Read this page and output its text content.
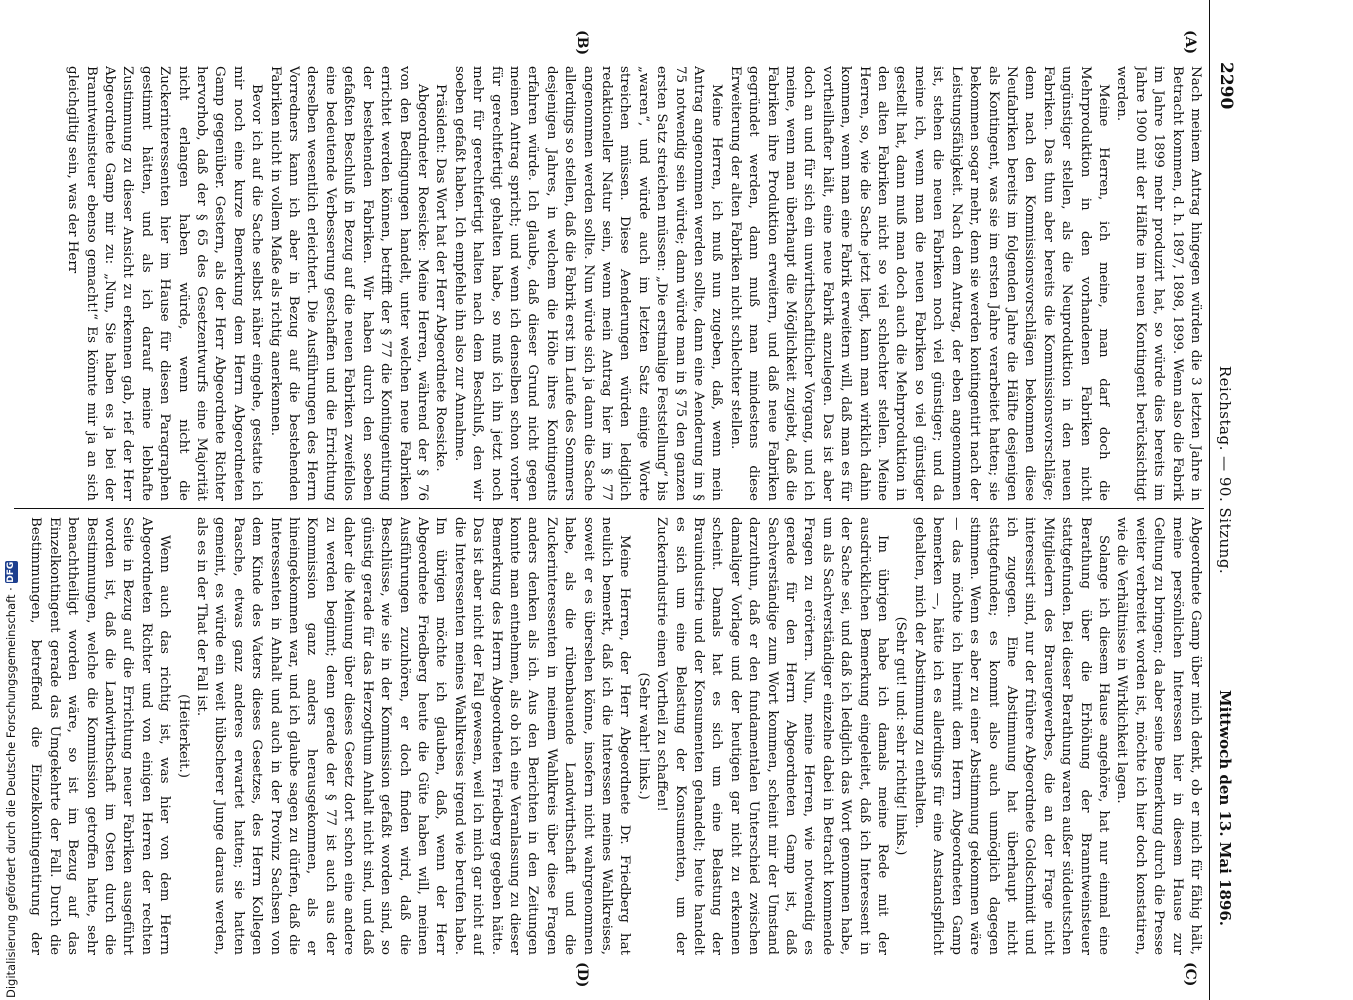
2290
Reichstag. — 90. Sitzung.
Mittwoch den 13. Mai 1896.
(A)
(B)
(C)
(D)

Nach meinem Antrag hingegen würden die 3 letzten Jahre in Betracht kommen, d. h. 1897, 1898, 1899. Wenn also die Fabrik im Jahre 1899 mehr produzirt hat, so würde dies bereits im Jahre 1900 mit der Hälfte im neuen Kontingent berücksichtigt werden.

Meine Herren, ich meine, man darf doch die Mehrproduktion in den vorhandenen Fabriken nicht ungünstiger stellen, als die Neuproduktion in den neuen Fabriken. Das thun aber bereits die Kommissionsvorschläge; denn nach den Kommissionsvorschlägen bekommen diese Neufabriken bereits im folgenden Jahre die Hälfte desjenigen als Kontingent, was sie im ersten Jahre verarbeitet hatten; sie bekommen sogar mehr, denn sie werden kontingentirt nach der Leistungsfähigkeit. Nach dem Antrag, der eben angenommen ist, stehen die neuen Fabriken noch viel günstiger; und da meine ich, wenn man die neuen Fabriken so viel günstiger gestellt hat, dann muß man doch auch die Mehrproduktion in den alten Fabriken nicht so viel schlechter stellen. Meine Herren, so, wie die Sache jetzt liegt, kann man wirklich dahin kommen, wenn man eine Fabrik erweitern will, daß man es für vortheilhafter hält, eine neue Fabrik anzulegen. Das ist aber doch an und für sich ein unwirthschaftlicher Vorgang, und ich meine, wenn man überhaupt die Möglichkeit zugiebt, daß die Fabriken ihre Produktion erweitern, und daß neue Fabriken gegründet werden, dann muß man mindestens diese Erweiterung der alten Fabriken nicht schlechter stellen.

Meine Herren, ich muß nun zugeben, daß, wenn mein Antrag angenommen werden sollte, dann eine Aenderung im § 75 notwendig sein würde; dann würde man in § 75 den ganzen ersten Satz streichen müssen: „Die erstmalige Feststellung“ bis „waren“, und würde auch im letzten Satz einige Worte streichen müssen. Diese Aenderungen würden lediglich redaktioneller Natur sein, wenn mein Antrag hier im § 77 angenommen werden sollte. Nun würde sich ja dann die Sache allerdings so stellen, daß die Fabrik erst im Laufe des Sommers desjenigen Jahres, in welchem die Höhe ihres Kontingents erfahren würde. Ich glaube, daß dieser Grund nicht gegen meinen Antrag spricht; und wenn ich denselben schon vorher für gerechtfertigt gehalten habe, so muß ich ihn jetzt noch mehr für gerechtfertigt halten nach dem Beschluß, den wir soeben gefaßt haben. Ich empfehle ihn also zur Annahme.

Präsident: Das Wort hat der Herr Abgeordnete Roesicke.

Abgeordneter Roesicke: Meine Herren, während der § 76 von den Bedingungen handelt, unter welchen neue Fabriken errichtet werden können, betrifft der § 77 die Kontingentirung der bestehenden Fabriken. Wir haben durch den soeben gefaßten Beschluß in Bezug auf die neuen Fabriken zweifellos eine bedeutende Verbesserung geschaffen und die Errichtung derselben wesentlich erleichtert. Die Ausführungen des Herrn Vorredners kann ich aber in Bezug auf die bestehenden Fabriken nicht in vollem Maße als richtig anerkennen.

Bevor ich auf die Sache selbst näher eingehe, gestatte ich mir noch eine kurze Bemerkung dem Herrn Abgeordneten Gamp gegenüber. Gestern, als der Herr Abgeordnete Richter hervorhob, daß der § 65 des Gesetzentwurfs eine Majorität nicht erlangen haben würde, wenn nicht die Zuckerinteressenten hier im Hause für diesen Paragraphen gestimmt hätten, und als ich darauf meine lebhafte Zustimmung zu dieser Ansicht zu erkennen gab, rief der Herr Abgeordnete Gamp mir zu: „Nun, Sie haben es ja bei der Branntweinsteuer ebenso gemacht!“ Es könnte mir ja an sich gleichgiltig sein, was der Herr

Abgeordnete Gamp über mich denkt, ob er mich für fähig hält, meine persönlichen Interessen hier in diesem Hause zur Geltung zu bringen; da aber seine Bemerkung durch die Presse weiter verbreitet worden ist, möchte ich hier doch konstatiren, wie die Verhältnisse in Wirklichkeit lagen.

Solange ich diesem Hause angehöre, hat nur einmal eine Berathung über die Erhöhung der Branntweinsteuer stattgefunden. Bei dieser Berathung waren außer süddeutschen Mitgliedern des Brauergewerbes, die an der Frage nicht interessirt sind, nur der frühere Abgeordnete Goldschmidt und ich zugegen. Eine Abstimmung hat überhaupt nicht stattgefunden; es kommt also auch unmöglich dagegen stimmen. Wenn es aber zu einer Abstimmung gekommen wäre — das möchte ich hiermit dem Herrn Abgeordneten Gamp bemerken —, hätte ich es allerdings für eine Anstandspflicht gehalten, mich der Abstimmung zu enthalten.

(Sehr gut! und: sehr richtig! links.)

Im übrigen habe ich damals meine Rede mit der ausdrücklichen Bemerkung eingeleitet, daß ich Interessent in der Sache sei, und daß ich lediglich das Wort genommen habe, um als Sachverständiger einzelne dabei in Betracht kommende Fragen zu erörtern. Nun, meine Herren, wie notwendig es gerade für den Herrn Abgeordneten Gamp ist, daß Sachverständige zum Wort kommen, scheint mir der Umstand darzuthun, daß er den fundamentalen Unterschied zwischen damaliger Vorlage und der heutigen gar nicht zu erkennen scheint. Damals hat es sich um eine Belastung der Brauindustrie und der Konsumenten gehandelt; heute handelt es sich um eine Belastung der Konsumenten, um der Zuckerindustrie einen Vortheil zu schaffen!

(Sehr wahr! links.)

Meine Herren, der Herr Abgeordnete Dr. Friedberg hat neulich bemerkt, daß ich die Interessen meines Wahlkreises, soweit er es übersehen könne, insofern nicht wahrgenommen habe, als die rübenbauende Landwirthschaft und die Zuckerinteressenten in meinem Wahlkreis über diese Fragen anders denken als ich. Aus den Berichten in den Zeitungen konnte man entnehmen, als ob ich eine Veranlassung zu dieser Bemerkung des Herrn Abgeordneten Friedberg gegeben hätte. Das ist aber nicht der Fall gewesen, weil ich mich gar nicht auf die Interessenten meines Wahlkreises irgend wie berufen habe. Im übrigen möchte ich glauben, daß, wenn der Herr Abgeordnete Friedberg heute die Güte haben will, meinen Ausführungen zuzuhören, er doch finden wird, daß die Beschlüsse, wie sie in der Kommission gefaßt worden sind, so günstig gerade für das Herzogthum Anhalt nicht sind, und daß daher die Meinung über dieses Gesetz dort schon eine andere zu werden beginnt; denn gerade der § 77 ist auch aus der Kommission ganz anders herausgekommen, als er hineingekommen war, und ich glaube sagen zu dürfen, daß die Interessenten in Anhalt und auch in der Provinz Sachsen von dem Kinde des Vaters dieses Gesetzes, des Herrn Kollegen Paasche, etwas ganz anderes erwartet hatten; sie hatten gemeint, es würde ein weit hübscherer Junge daraus werden, als es in der That der Fall ist.

(Heiterkeit.)

Wenn auch das richtig ist, was hier von dem Herrn Abgeordneten Richter und von einigen Herren der rechten Seite in Bezug auf die Errichtung neuer Fabriken ausgeführt worden ist, daß die Landwirthschaft im Osten durch die Bestimmungen, welche die Kommission getroffen hatte, sehr benachtheiligt worden wäre, so ist im Bezug auf das Einzelkontingent gerade das Umgekehrte der Fall. Durch die Bestimmungen, betreffend die Einzelkontingentirung der

Digitalisierung gefördert durch die Deutsche Forschungsgemeinschaft ·
DFG
